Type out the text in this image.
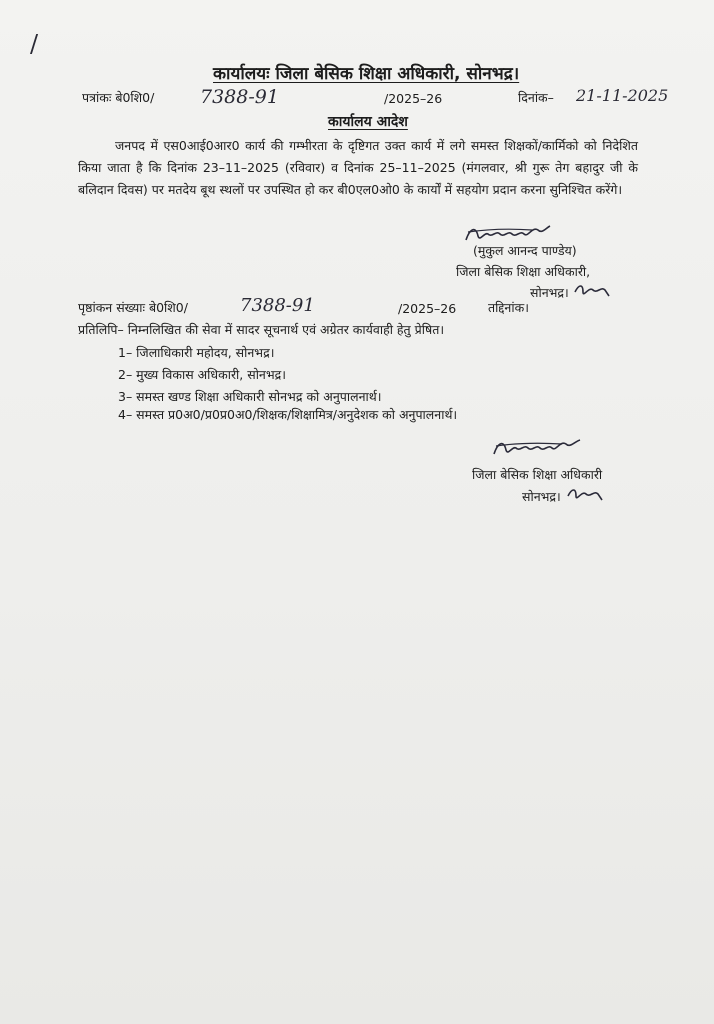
/
कार्यालयः जिला बेसिक शिक्षा अधिकारी, सोनभद्र।
पत्रांकः बे0शि0/ 7388-91	/2025–26	दिनांक– 21-11-2025
कार्यालय आदेश
जनपद में एस0आई0आर0 कार्य की गम्भीरता के दृष्टिगत उक्त कार्य में लगे समस्त शिक्षकों/कार्मिको को निदेशित किया जाता है कि दिनांक 23–11–2025 (रविवार) व दिनांक 25–11–2025 (मंगलवार, श्री गुरू तेग बहादुर जी के बलिदान दिवस) पर मतदेय बूथ स्थलों पर उपस्थित हो कर बी0एल0ओ0 के कार्यों में सहयोग प्रदान करना सुनिश्चित करेंगे।
(मुकुल आनन्द पाण्डेय)
जिला बेसिक शिक्षा अधिकारी,
सोनभद्र।
पृष्ठांकन संख्याः बे0शि0/	7388-91	/2025–26	तद्दिनांक।
प्रतिलिपि– निम्नलिखित की सेवा में सादर सूचनार्थ एवं अग्रेतर कार्यवाही हेतु प्रेषित।
1– जिलाधिकारी महोदय, सोनभद्र।
2– मुख्य विकास अधिकारी, सोनभद्र।
3– समस्त खण्ड शिक्षा अधिकारी सोनभद्र को अनुपालनार्थ।
4– समस्त प्र0अ0/प्र0प्र0अ0/शिक्षक/शिक्षामित्र/अनुदेशक को अनुपालनार्थ।
जिला बेसिक शिक्षा अधिकारी
सोनभद्र।
